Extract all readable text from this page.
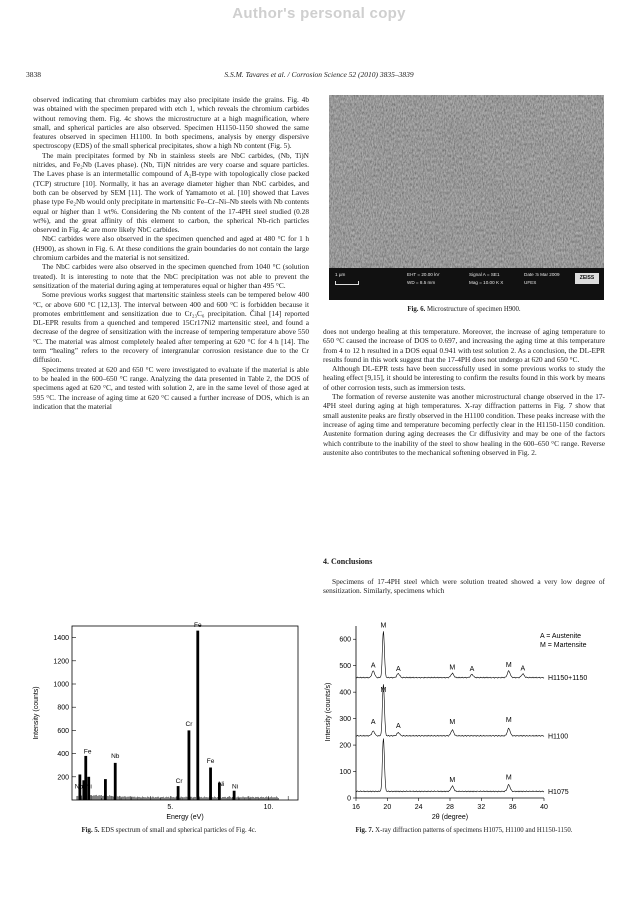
Author's personal copy
3838	S.S.M. Tavares et al. / Corrosion Science 52 (2010) 3835–3839

observed indicating that chromium carbides may also precipitate inside the grains. Fig. 4b was obtained with the specimen prepared with etch 1, which reveals the chromium carbides without removing them. Fig. 4c shows the microstructure at a high magnification, where small, and spherical particles are also observed. Specimen H1150-1150 showed the same features observed in specimen H1100. In both specimens, analysis by energy dispersive spectroscopy (EDS) of the small spherical precipitates, show a high Nb content (Fig. 5).

The main precipitates formed by Nb in stainless steels are NbC carbides, (Nb, Ti)N nitrides, and Fe₂Nb (Laves phase). (Nb, Ti)N nitrides are very coarse and square particles. The Laves phase is an intermetallic compound of A₂B-type with topologically close packed (TCP) structure [10]. Normally, it has an average diameter higher than NbC carbides, and both can be observed by SEM [11]. The work of Yamamoto et al. [10] showed that Laves phase type Fe₂Nb would only precipitate in martensitic Fe–Cr–Ni–Nb steels with Nb contents equal or higher than 1 wt%. Considering the Nb content of the 17-4PH steel studied (0.28 wt%), and the great affinity of this element to carbon, the spherical Nb-rich particles observed in Fig. 4c are more likely NbC carbides.

NbC carbides were also observed in the specimen quenched and aged at 480 °C for 1 h (H900), as shown in Fig. 6. At these conditions the grain boundaries do not contain the large chromium carbides and the material is not sensitized.

The NbC carbides were also observed in the specimen quenched from 1040 °C (solution treated). It is interesting to note that the NbC precipitation was not able to prevent the sensitization of the material during aging at temperatures equal or higher than 495 °C.

Some previous works suggest that martensitic stainless steels can be tempered below 400 °C, or above 600 °C [12,13]. The interval between 400 and 600 °C is forbidden because it promotes embrittlement and sensitization due to Cr₂₃C₆ precipitation. Čihal [14] reported DL-EPR results from a quenched and tempered 15Cr17Ni2 martensitic steel, and found a decrease of the degree of sensitization with the increase of tempering temperature above 550 °C. The material was almost completely healed after tempering at 620 °C for 4 h [14]. The term “healing” refers to the recovery of intergranular corrosion resistance due to the Cr diffusion.

Specimens treated at 620 and 650 °C were investigated to evaluate if the material is able to be healed in the 600–650 °C range. Analyzing the data presented in Table 2, the DOS of specimens aged at 620 °C, and tested with solution 2, are in the same level of those aged at 595 °C. The increase of aging time at 620 °C caused a further increase of DOS, which is an indication that the material

1 µm	EHT = 20.00 kV
WD = 8.5 mm
Signal A = SE1
Mag = 10.00 K X
Date :5 Mar 2009
UFES
ZEISS
Fig. 6. Microstructure of specimen H900.

does not undergo healing at this temperature. Moreover, the increase of aging temperature to 650 °C caused the increase of DOS to 0.697, and increasing the aging time at this temperature from 4 to 12 h resulted in a DOS equal 0.941 with test solution 2. As a conclusion, the DL-EPR results found in this work suggest that the 17-4PH does not undergo at 620 and 650 °C.

Although DL-EPR tests have been successfully used in some previous works to study the healing effect [9,15], it should be interesting to confirm the results found in this work by means of other corrosion tests, such as immersion tests.

The formation of reverse austenite was another microstructural change observed in the 17-4PH steel during aging at high temperatures. X-ray diffraction patterns in Fig. 7 show that small austenite peaks are firstly observed in the H1100 condition. These peaks increase with the increase of aging time and temperature becoming perfectly clear in the H1150-1150 condition. Austenite formation during aging decreases the Cr diffusivity and may be one of the factors which contribute to the inability of the steel to show healing in the 600–650 °C range. Reverse austenite also contributes to the mechanical softening observed in Fig. 2.

4. Conclusions

Specimens of 17-4PH steel which were solution treated showed a very low degree of sensitization. Similarly, specimens which

200
400
600
800
1000
1200
1400
5.	10.
Energy (eV)
Intensity (counts)
Fe
Cr
Fe
Nb
Fe
Cr	Ni Ni
Nb Ni
Fig. 5. EDS spectrum of small and spherical particles of Fig. 4c.
0
100
200
300
400
500
600
16	20	24	28	32	36	40
2θ (degree)
Intensity (counts/s)
A = Austenite
M = Martensite
H1075
M	M
H1100
A
A
M
M	M
H1150+1150
A	A
M
M A
M A
Fig. 7. X-ray diffraction patterns of specimens H1075, H1100 and H1150-1150.
